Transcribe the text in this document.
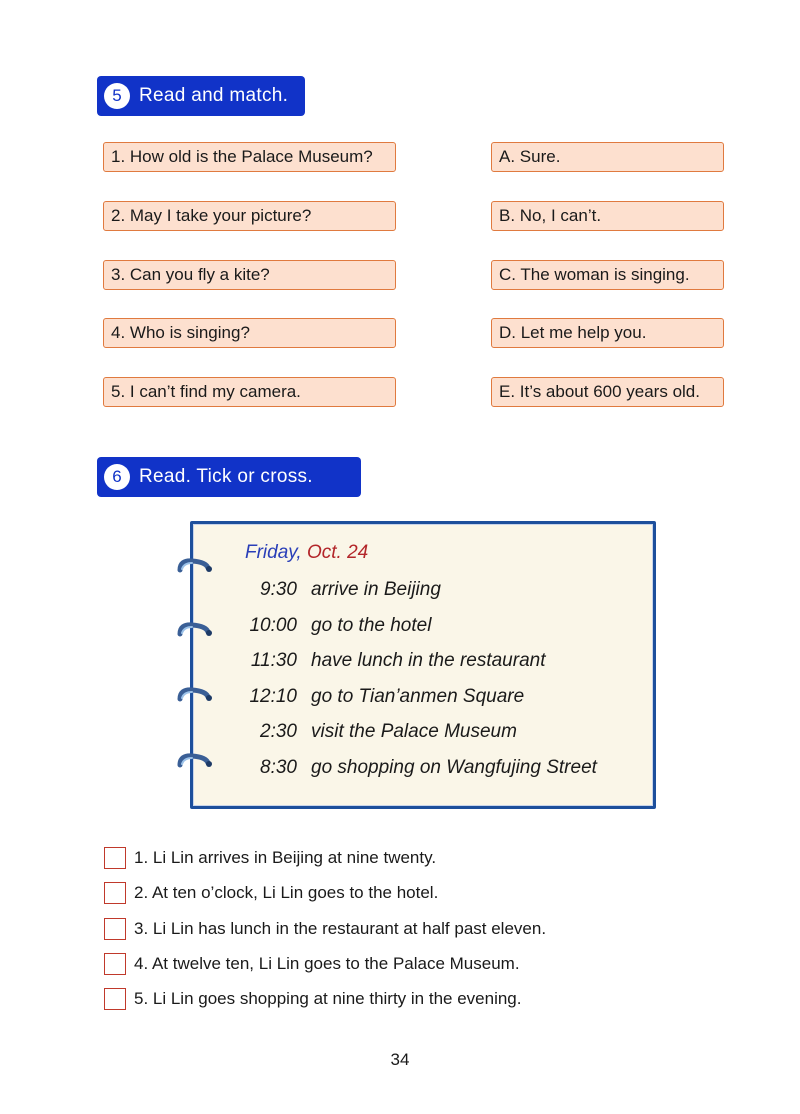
5 Read and match.
1. How old is the Palace Museum?
2. May I take your picture?
3. Can you fly a kite?
4. Who is singing?
5. I can’t find my camera.
A. Sure.
B. No, I can’t.
C. The woman is singing.
D. Let me help you.
E. It’s about 600 years old.
6 Read. Tick or cross.
Friday, Oct. 24
9:30 arrive in Beijing
10:00 go to the hotel
11:30 have lunch in the restaurant
12:10 go to Tian’anmen Square
2:30 visit the Palace Museum
8:30 go shopping on Wangfujing Street
1. Li Lin arrives in Beijing at nine twenty.
2. At ten o’clock, Li Lin goes to the hotel.
3. Li Lin has lunch in the restaurant at half past eleven.
4. At twelve ten, Li Lin goes to the Palace Museum.
5. Li Lin goes shopping at nine thirty in the evening.
34
